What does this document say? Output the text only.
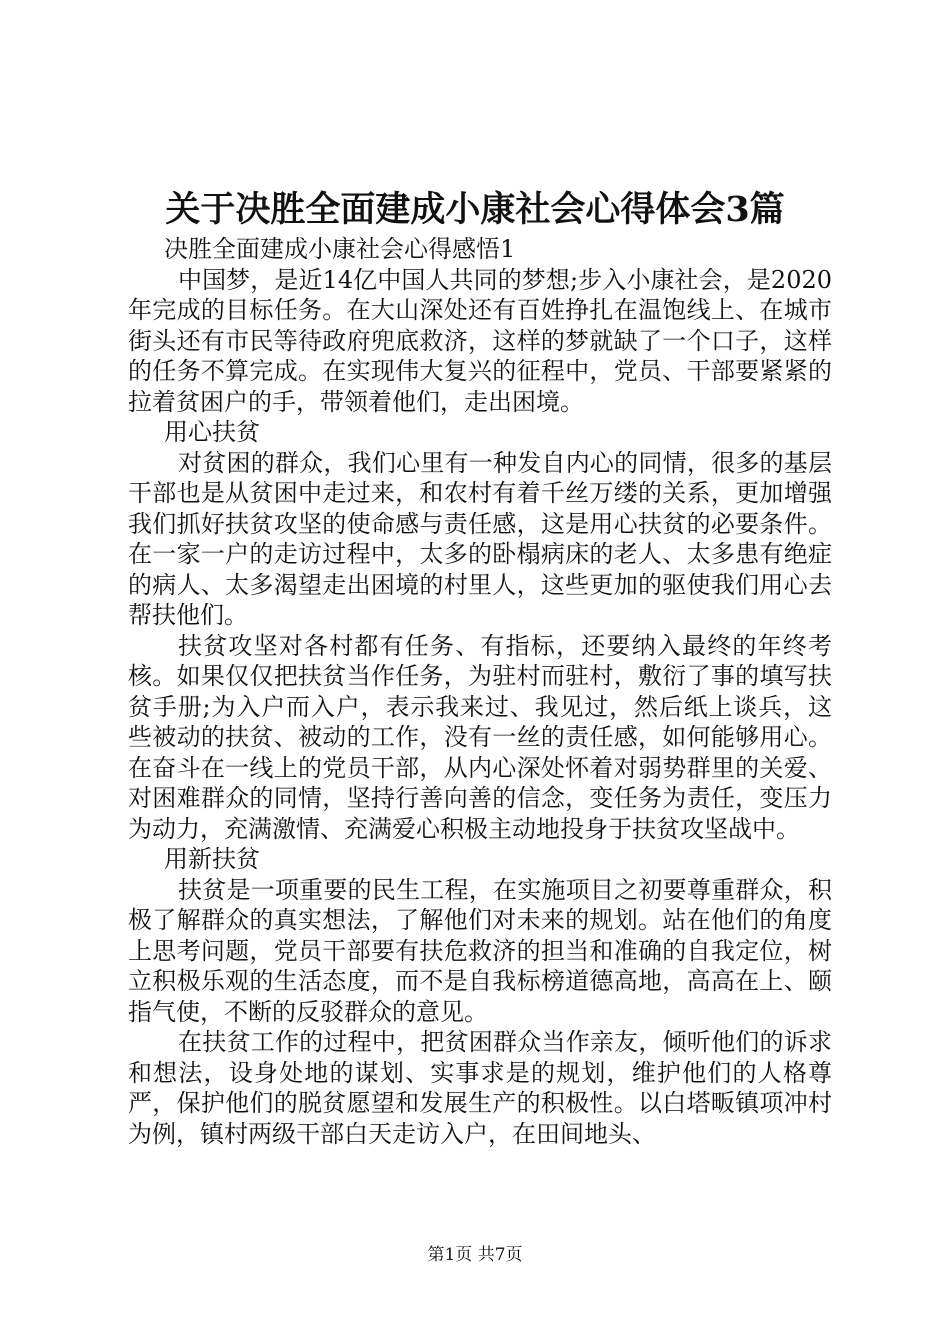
关于决胜全面建成小康社会心得体会3篇

决胜全面建成小康社会心得感悟1

中国梦，是近14亿中国人共同的梦想;步入小康社会，是2020年完成的目标任务。在大山深处还有百姓挣扎在温饱线上、在城市街头还有市民等待政府兜底救济，这样的梦就缺了一个口子，这样的任务不算完成。在实现伟大复兴的征程中，党员、干部要紧紧的拉着贫困户的手，带领着他们，走出困境。

用心扶贫

对贫困的群众，我们心里有一种发自内心的同情，很多的基层干部也是从贫困中走过来，和农村有着千丝万缕的关系，更加增强我们抓好扶贫攻坚的使命感与责任感，这是用心扶贫的必要条件。在一家一户的走访过程中，太多的卧榻病床的老人、太多患有绝症的病人、太多渴望走出困境的村里人，这些更加的驱使我们用心去帮扶他们。

扶贫攻坚对各村都有任务、有指标，还要纳入最终的年终考核。如果仅仅把扶贫当作任务，为驻村而驻村，敷衍了事的填写扶贫手册;为入户而入户，表示我来过、我见过，然后纸上谈兵，这些被动的扶贫、被动的工作，没有一丝的责任感，如何能够用心。在奋斗在一线上的党员干部，从内心深处怀着对弱势群里的关爱、对困难群众的同情，坚持行善向善的信念，变任务为责任，变压力为动力，充满激情、充满爱心积极主动地投身于扶贫攻坚战中。

用新扶贫

扶贫是一项重要的民生工程，在实施项目之初要尊重群众，积极了解群众的真实想法，了解他们对未来的规划。站在他们的角度上思考问题，党员干部要有扶危救济的担当和准确的自我定位，树立积极乐观的生活态度，而不是自我标榜道德高地，高高在上、颐指气使，不断的反驳群众的意见。

在扶贫工作的过程中，把贫困群众当作亲友，倾听他们的诉求和想法，设身处地的谋划、实事求是的规划，维护他们的人格尊严，保护他们的脱贫愿望和发展生产的积极性。以白塔畈镇项冲村为例，镇村两级干部白天走访入户，在田间地头、

第1页 共7页
